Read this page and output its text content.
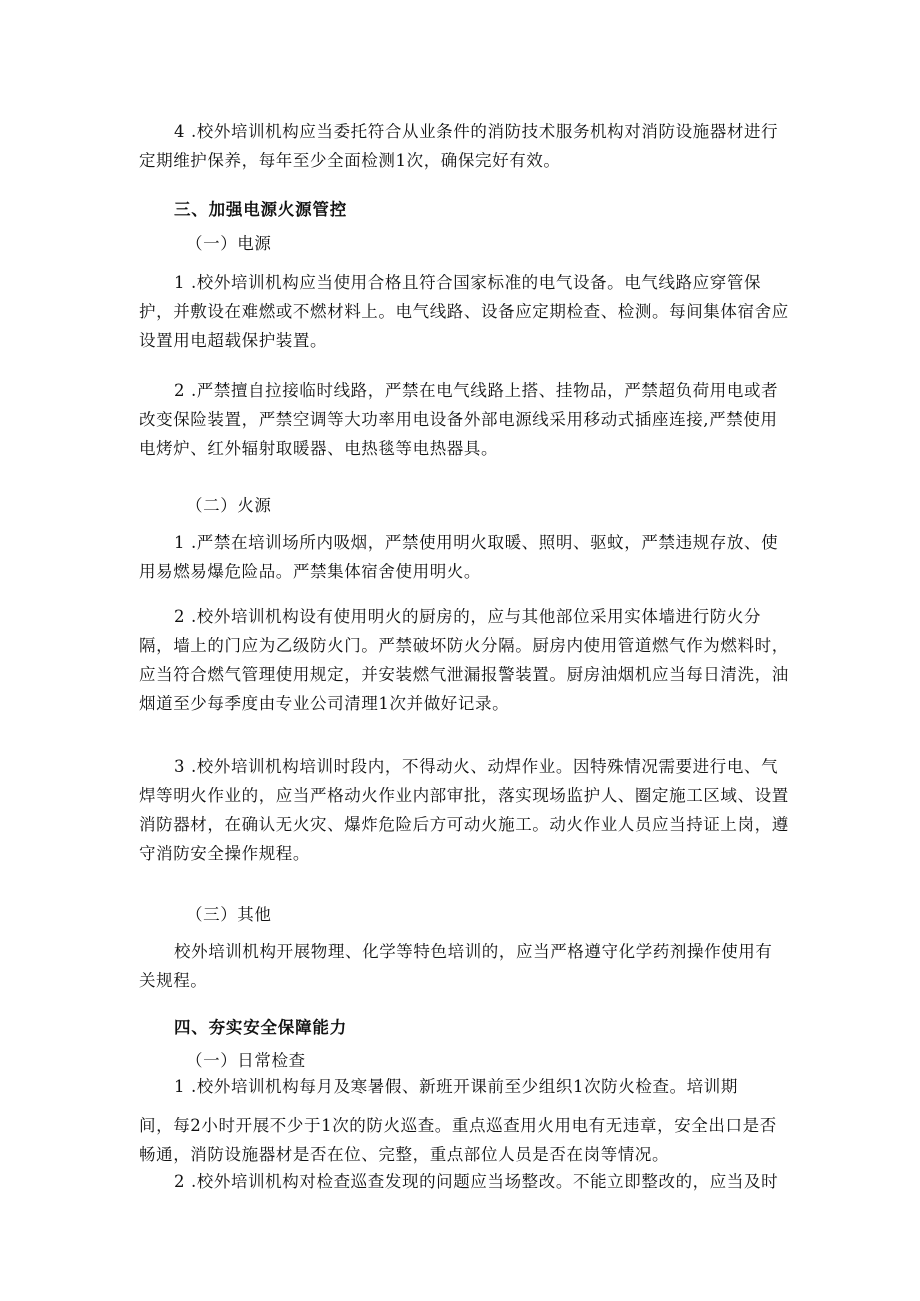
4 .校外培训机构应当委托符合从业条件的消防技术服务机构对消防设施器材进行定期维护保养，每年至少全面检测1次，确保完好有效。

三、加强电源火源管控

（一）电源

1 .校外培训机构应当使用合格且符合国家标准的电气设备。电气线路应穿管保护，并敷设在难燃或不燃材料上。电气线路、设备应定期检查、检测。每间集体宿舍应设置用电超载保护装置。

2 .严禁擅自拉接临时线路，严禁在电气线路上搭、挂物品，严禁超负荷用电或者改变保险装置，严禁空调等大功率用电设备外部电源线采用移动式插座连接,严禁使用电烤炉、红外辐射取暖器、电热毯等电热器具。

（二）火源

1 .严禁在培训场所内吸烟，严禁使用明火取暖、照明、驱蚊，严禁违规存放、使用易燃易爆危险品。严禁集体宿舍使用明火。

2 .校外培训机构设有使用明火的厨房的，应与其他部位采用实体墙进行防火分隔，墙上的门应为乙级防火门。严禁破坏防火分隔。厨房内使用管道燃气作为燃料时，应当符合燃气管理使用规定，并安装燃气泄漏报警装置。厨房油烟机应当每日清洗，油烟道至少每季度由专业公司清理1次并做好记录。

3 .校外培训机构培训时段内，不得动火、动焊作业。因特殊情况需要进行电、气焊等明火作业的，应当严格动火作业内部审批，落实现场监护人、圈定施工区域、设置消防器材，在确认无火灾、爆炸危险后方可动火施工。动火作业人员应当持证上岗，遵守消防安全操作规程。

（三）其他

校外培训机构开展物理、化学等特色培训的，应当严格遵守化学药剂操作使用有关规程。

四、夯实安全保障能力

（一）日常检查

1 .校外培训机构每月及寒暑假、新班开课前至少组织1次防火检查。培训期

间，每2小时开展不少于1次的防火巡查。重点巡查用火用电有无违章，安全出口是否畅通，消防设施器材是否在位、完整，重点部位人员是否在岗等情况。

2 .校外培训机构对检查巡查发现的问题应当场整改。不能立即整改的，应当及时
